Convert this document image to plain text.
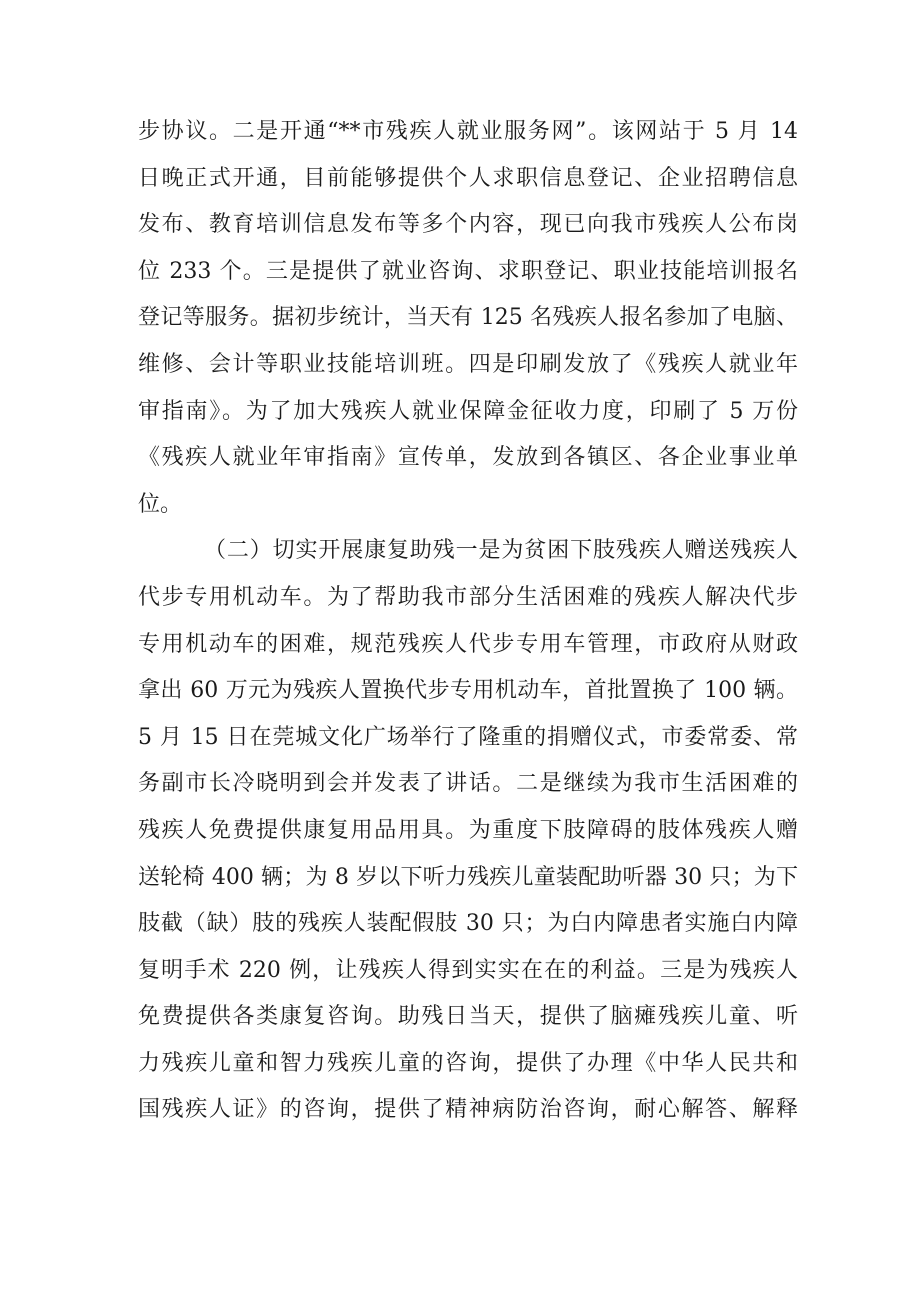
步协议。二是开通“**市残疾人就业服务网”。该网站于 5 月 14
日晚正式开通，目前能够提供个人求职信息登记、企业招聘信息
发布、教育培训信息发布等多个内容，现已向我市残疾人公布岗
位 233 个。三是提供了就业咨询、求职登记、职业技能培训报名
登记等服务。据初步统计，当天有 125 名残疾人报名参加了电脑、
维修、会计等职业技能培训班。四是印刷发放了《残疾人就业年
审指南》。为了加大残疾人就业保障金征收力度，印刷了 5 万份
《残疾人就业年审指南》宣传单，发放到各镇区、各企业事业单
位。
（二）切实开展康复助残一是为贫困下肢残疾人赠送残疾人
代步专用机动车。为了帮助我市部分生活困难的残疾人解决代步
专用机动车的困难，规范残疾人代步专用车管理，市政府从财政
拿出 60 万元为残疾人置换代步专用机动车，首批置换了 100 辆。
5 月 15 日在莞城文化广场举行了隆重的捐赠仪式，市委常委、常
务副市长冷晓明到会并发表了讲话。二是继续为我市生活困难的
残疾人免费提供康复用品用具。为重度下肢障碍的肢体残疾人赠
送轮椅 400 辆；为 8 岁以下听力残疾儿童装配助听器 30 只；为下
肢截（缺）肢的残疾人装配假肢 30 只；为白内障患者实施白内障
复明手术 220 例，让残疾人得到实实在在的利益。三是为残疾人
免费提供各类康复咨询。助残日当天，提供了脑瘫残疾儿童、听
力残疾儿童和智力残疾儿童的咨询，提供了办理《中华人民共和
国残疾人证》的咨询，提供了精神病防治咨询，耐心解答、解释
